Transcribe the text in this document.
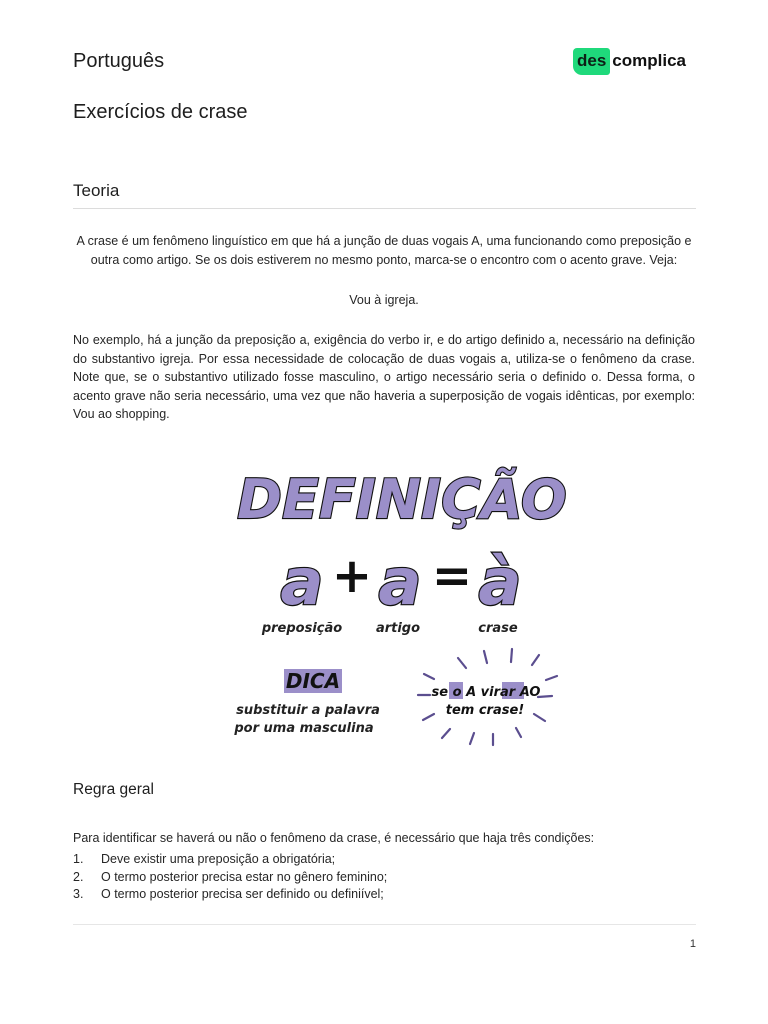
Português
Exercícios de crase
des complica
Teoria
A crase é um fenômeno linguístico em que há a junção de duas vogais A, uma funcionando como preposição e outra como artigo. Se os dois estiverem no mesmo ponto, marca-se o encontro com o acento grave. Veja:
Vou à igreja.
No exemplo, há a junção da preposição a, exigência do verbo ir, e do artigo definido a, necessário na definição do substantivo igreja. Por essa necessidade de colocação de duas vogais a, utiliza-se o fenômeno da crase. Note que, se o substantivo utilizado fosse masculino, o artigo necessário seria o definido o. Dessa forma, o acento grave não seria necessário, uma vez que não haveria a superposição de vogais idênticas, por exemplo: Vou ao shopping.
DEFINIÇÃO
a + a = à
preposição	artigo	crase
DICA
substituir a palavra
por uma masculina
se o A virar AO
tem crase!
Regra geral
Para identificar se haverá ou não o fenômeno da crase, é necessário que haja três condições:
1.	Deve existir uma preposição a obrigatória;
2.	O termo posterior precisa estar no gênero feminino;
3.	O termo posterior precisa ser definido ou definiível;
1
